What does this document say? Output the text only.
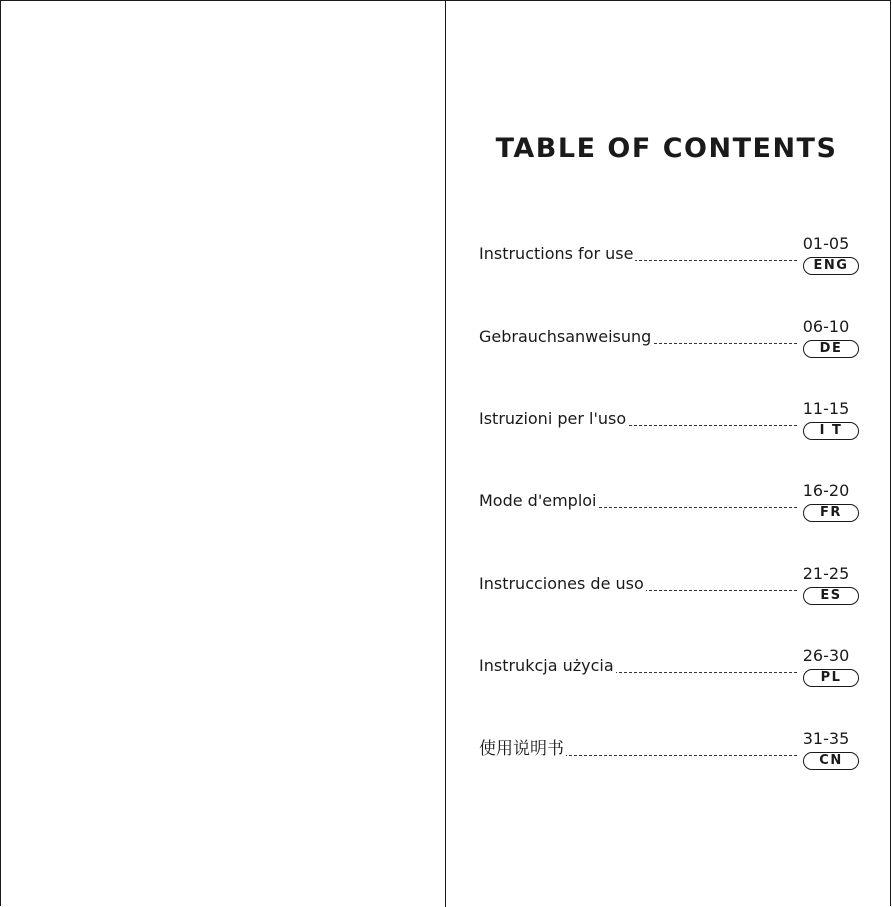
TABLE OF CONTENTS
Instructions for use
01-05
ENG
Gebrauchsanweisung
06-10
DE
Istruzioni per l'uso
11-15
I T
Mode d'emploi
16-20
FR
Instrucciones de uso
21-25
ES
Instrukcja użycia
26-30
PL
使用说明书
31-35
CN
